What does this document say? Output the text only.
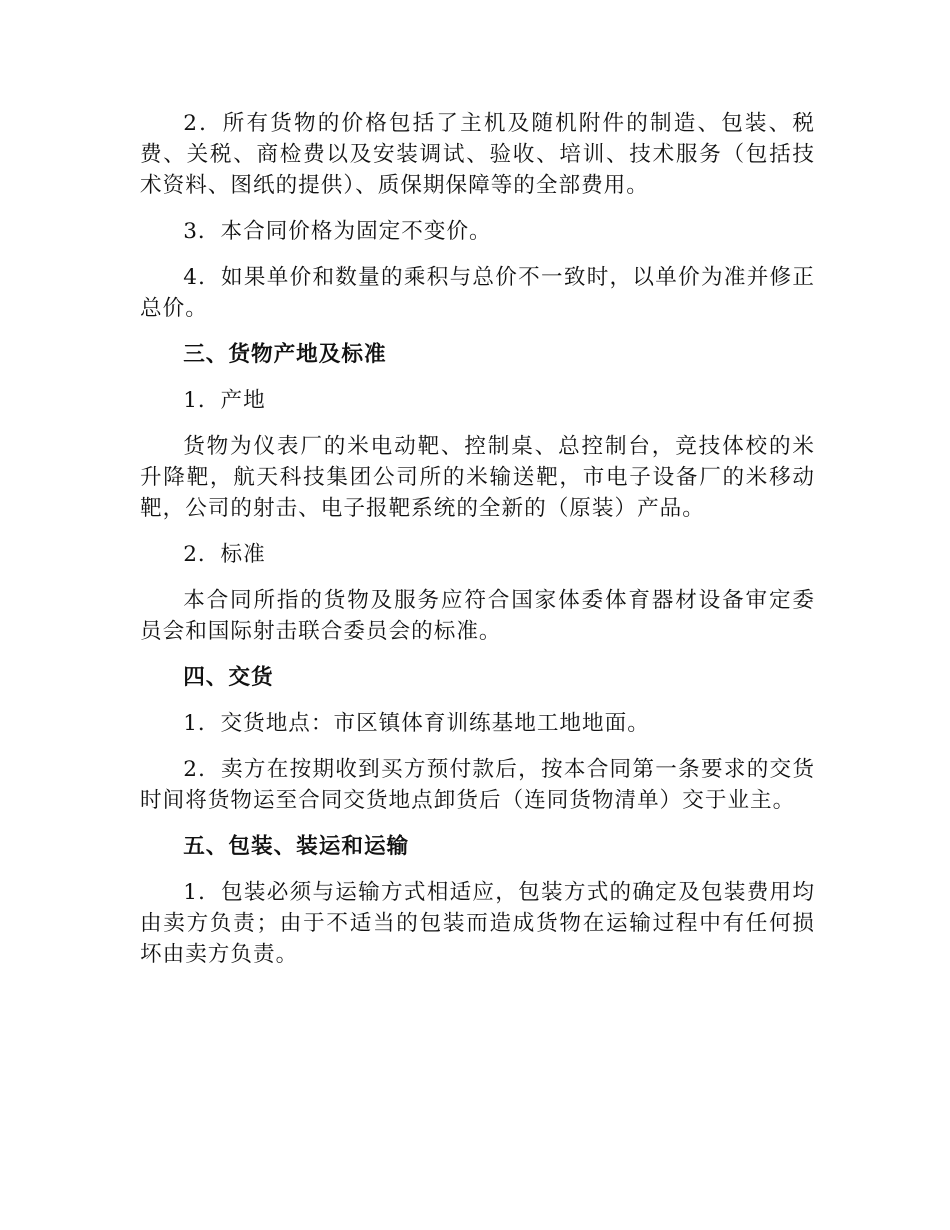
2．所有货物的价格包括了主机及随机附件的制造、包装、税费、关税、商检费以及安装调试、验收、培训、技术服务（包括技术资料、图纸的提供）、质保期保障等的全部费用。

3．本合同价格为固定不变价。

4．如果单价和数量的乘积与总价不一致时，以单价为准并修正总价。

三、货物产地及标准

1．产地

货物为仪表厂的米电动靶、控制桌、总控制台，竞技体校的米升降靶，航天科技集团公司所的米输送靶，市电子设备厂的米移动靶，公司的射击、电子报靶系统的全新的（原装）产品。

2．标准

本合同所指的货物及服务应符合国家体委体育器材设备审定委员会和国际射击联合委员会的标准。

四、交货

1．交货地点：市区镇体育训练基地工地地面。

2．卖方在按期收到买方预付款后，按本合同第一条要求的交货时间将货物运至合同交货地点卸货后（连同货物清单）交于业主。

五、包装、装运和运输

1．包装必须与运输方式相适应，包装方式的确定及包装费用均由卖方负责；由于不适当的包装而造成货物在运输过程中有任何损坏由卖方负责。
